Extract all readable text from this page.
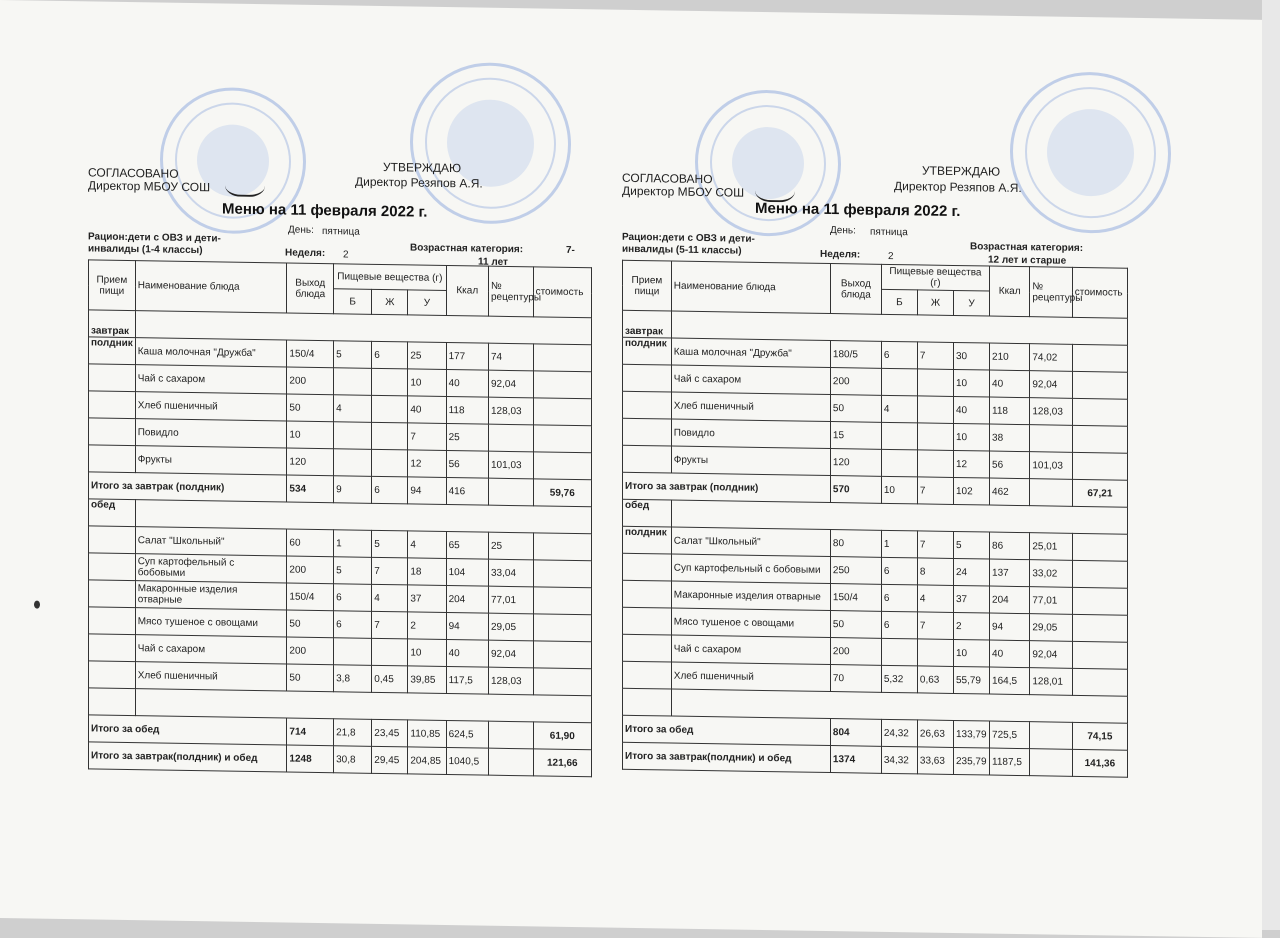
СОГЛАСОВАНО
Директор МБОУ СОШ
УТВЕРЖДАЮ
Директор Резяпов А.Я.
Меню на 11 февраля 2022 г.
День: пятница
Рацион:дети с ОВЗ и дети-
инвалиды (1-4 классы)	Неделя: 2	Возрастная категория:	7-
11 лет
Прием пищи	Наименование блюда	Выход блюда	Пищевые вещества (г)			Ккал	№ рецептуры	стоимость
			Б	Ж	У			
завтрак								
полдник	Каша молочная "Дружба"	150/4	5	6	25	177	74	
	Чай с сахаром	200			10	40	92,04	
	Хлеб пшеничный	50	4		40	118	128,03	
	Повидло	10			7	25		
	Фрукты	120			12	56	101,03	
Итого за завтрак (полдник)		534	9	6	94	416		59,76
обед								
	Салат "Школьный"	60	1	5	4	65	25	
	Суп картофельный с бобовыми	200	5	7	18	104	33,04	
	Макаронные изделия отварные	150/4	6	4	37	204	77,01	
	Мясо тушеное с овощами	50	6	7	2	94	29,05	
	Чай с сахаром	200			10	40	92,04	
	Хлеб пшеничный	50	3,8	0,45	39,85	117,5	128,03	

Итого за обед		714	21,8	23,45	110,85	624,5		61,90
Итого за завтрак(полдник) и обед		1248	30,8	29,45	204,85	1040,5		121,66
СОГЛАСОВАНО
Директор МБОУ СОШ
УТВЕРЖДАЮ
Директор Резяпов А.Я.
Меню на 11 февраля 2022 г.
День: пятница
Рацион:дети с ОВЗ и дети-
инвалиды (5-11 классы)	Неделя:	2
Возрастная категория:
12 лет и старше
Прием пищи	Наименование блюда	Выход блюда	Пищевые вещества (г)			Ккал	№ рецептуры	стоимость
			Б	Ж	У			
завтрак								
полдник	Каша молочная "Дружба"	180/5	6	7	30	210	74,02	
	Чай с сахаром	200			10	40	92,04	
	Хлеб пшеничный	50	4		40	118	128,03	
	Повидло	15			10	38		
	Фрукты	120			12	56	101,03	
Итого за завтрак (полдник)		570	10	7	102	462		67,21
обед								
полдник	Салат "Школьный"	80	1	7	5	86	25,01	
	Суп картофельный с бобовыми	250	6	8	24	137	33,02	
	Макаронные изделия отварные	150/4	6	4	37	204	77,01	
	Мясо тушеное с овощами	50	6	7	2	94	29,05	
	Чай с сахаром	200			10	40	92,04	
	Хлеб пшеничный	70	5,32	0,63	55,79	164,5	128,01	

Итого за обед		804	24,32	26,63	133,79	725,5		74,15
Итого за завтрак(полдник) и обед		1374	34,32	33,63	235,79	1187,5		141,36
